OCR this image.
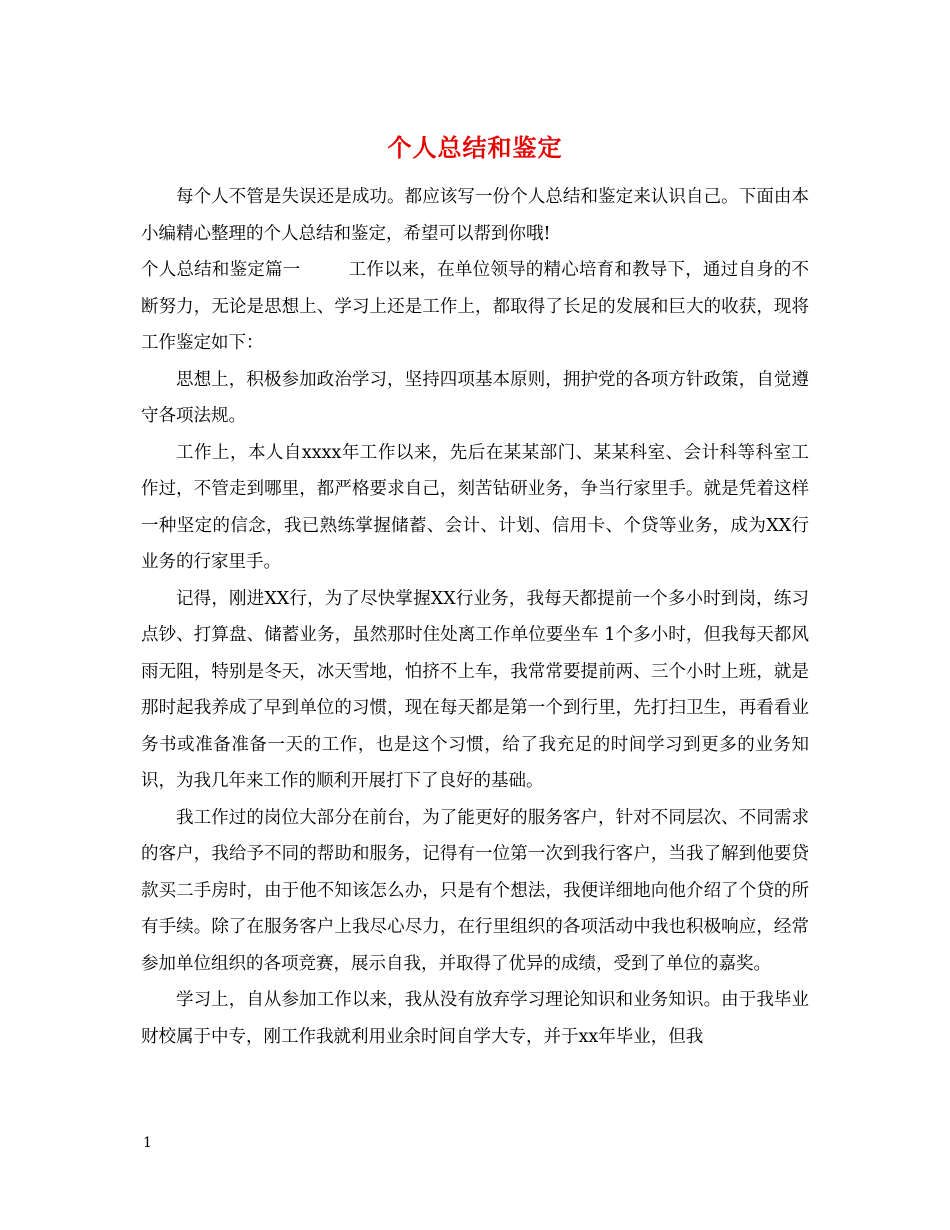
个人总结和鉴定

每个人不管是失误还是成功。都应该写一份个人总结和鉴定来认识自己。下面由本小编精心整理的个人总结和鉴定，希望可以帮到你哦!

个人总结和鉴定篇一	工作以来，在单位领导的精心培育和教导下，通过自身的不断努力，无论是思想上、学习上还是工作上，都取得了长足的发展和巨大的收获，现将工作鉴定如下：

思想上，积极参加政治学习，坚持四项基本原则，拥护党的各项方针政策，自觉遵守各项法规。

工作上，本人自xxxx年工作以来，先后在某某部门、某某科室、会计科等科室工作过，不管走到哪里，都严格要求自己，刻苦钻研业务，争当行家里手。就是凭着这样一种坚定的信念，我已熟练掌握储蓄、会计、计划、信用卡、个贷等业务，成为XX行业务的行家里手。

记得，刚进XX行，为了尽快掌握XX行业务，我每天都提前一个多小时到岗，练习点钞、打算盘、储蓄业务，虽然那时住处离工作单位要坐车 1个多小时，但我每天都风雨无阻，特别是冬天，冰天雪地，怕挤不上车，我常常要提前两、三个小时上班，就是那时起我养成了早到单位的习惯，现在每天都是第一个到行里，先打扫卫生，再看看业务书或准备准备一天的工作，也是这个习惯，给了我充足的时间学习到更多的业务知识，为我几年来工作的顺利开展打下了良好的基础。

我工作过的岗位大部分在前台，为了能更好的服务客户，针对不同层次、不同需求的客户，我给予不同的帮助和服务，记得有一位第一次到我行客户，当我了解到他要贷款买二手房时，由于他不知该怎么办，只是有个想法，我便详细地向他介绍了个贷的所有手续。除了在服务客户上我尽心尽力，在行里组织的各项活动中我也积极响应，经常参加单位组织的各项竞赛，展示自我，并取得了优异的成绩，受到了单位的嘉奖。

学习上，自从参加工作以来，我从没有放弃学习理论知识和业务知识。由于我毕业财校属于中专，刚工作我就利用业余时间自学大专，并于xx年毕业，但我

1
